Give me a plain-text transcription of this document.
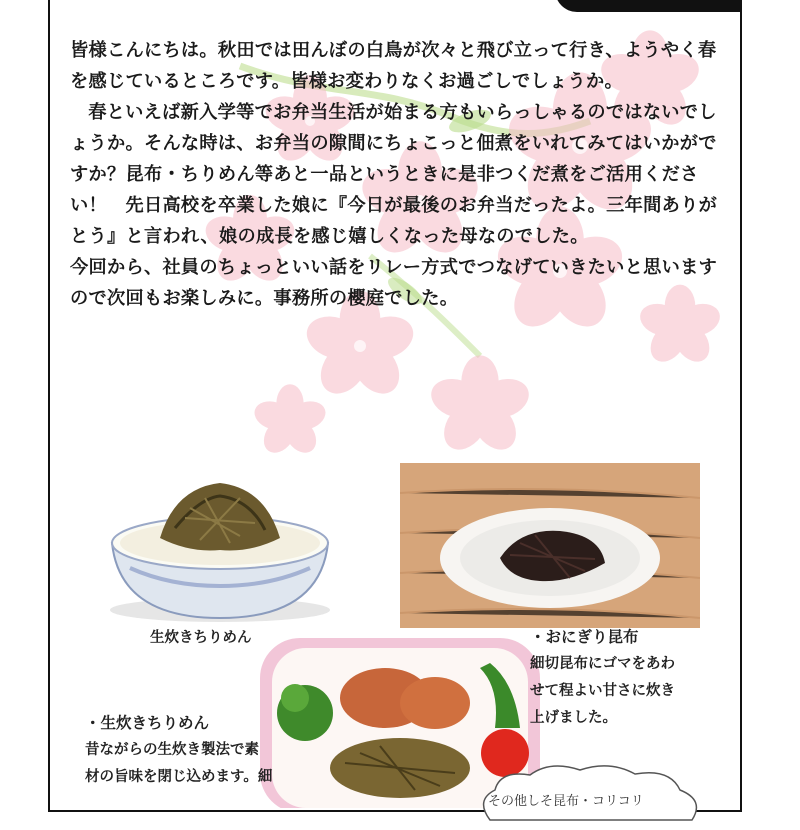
皆様こんにちは。秋田では田んぼの白鳥が次々と飛び立って行き、ようやく春を感じているところです。皆様お変わりなくお過ごしでしょうか。

春といえば新入学等でお弁当生活が始まる方もいらっしゃるのではないでしょうか。そんな時は、お弁当の隙間にちょこっと佃煮をいれてみてはいかがですか？昆布・ちりめん等あと一品というときに是非つくだ煮をご活用ください！　先日高校を卒業した娘に『今日が最後のお弁当だったよ。三年間ありがとう』と言われ、娘の成長を感じ嬉しくなった母なのでした。

今回から、社員のちょっといい話をリレー方式でつなげていきたいと思いますので次回もお楽しみに。事務所の櫻庭でした。

生炊きちりめん	・おにぎり昆布
細切昆布にゴマをあわ
せて程よい甘さに炊き
上げました。
・生炊きちりめん
昔ながらの生炊き製法で素
材の旨味を閉じ込めます。細
その他しそ昆布・コリコリ
